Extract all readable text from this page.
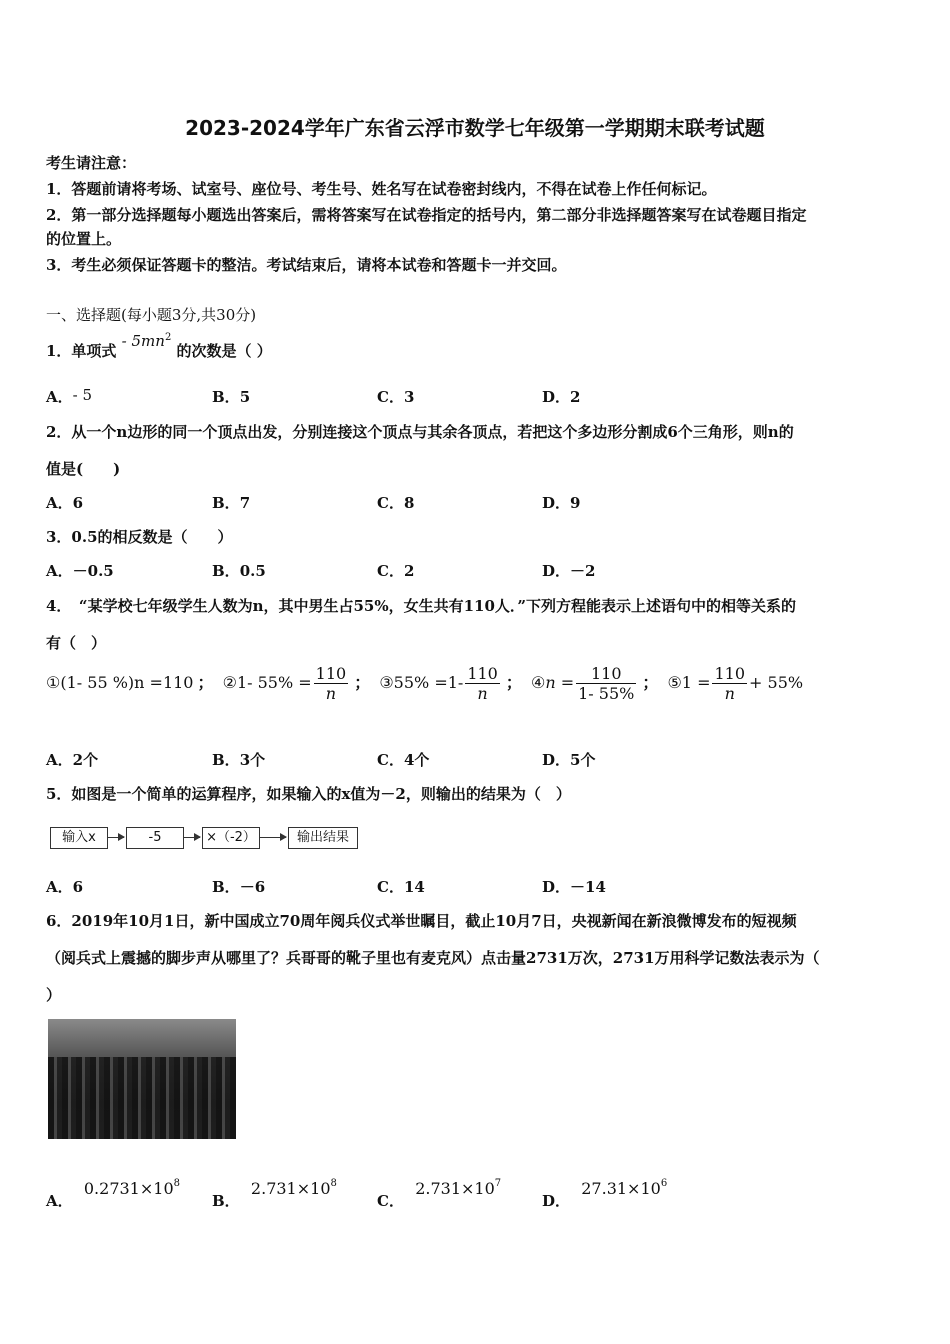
2023-2024学年广东省云浮市数学七年级第一学期期末联考试题
考生请注意：
1．答题前请将考场、试室号、座位号、考生号、姓名写在试卷密封线内，不得在试卷上作任何标记。
2．第一部分选择题每小题选出答案后，需将答案写在试卷指定的括号内，第二部分非选择题答案写在试卷题目指定
的位置上。
3．考生必须保证答题卡的整洁。考试结束后，请将本试卷和答题卡一并交回。
一、选择题(每小题3分,共30分)
1．单项式 - $5mn^2$ 的次数是（ ）
A．- 5	B．5	C．3	D．2
2．从一个n边形的同一个顶点出发，分别连接这个顶点与其余各顶点，若把这个多边形分割成6个三角形，则n的
值是(　　)
A．6	B．7	C．8	D．9
3．0.5的相反数是（　　）
A．－0.5	B．0.5	C．2	D．－2
4．　“某学校七年级学生人数为n，其中男生占55%，女生共有110人．”下列方程能表示上述语句中的相等关系的
有（　）
①(1- 55 %)n =110 ； ②1- $55\% = \frac{110}{n}$ ； ③55% $=1- \frac{110}{n}$ ； ④n = $\frac{110}{1- 55\%}$ ； ⑤1 = $\frac{110}{n} + 55\%$
A．2个	B．3个	C．4个	D．5个
5．如图是一个简单的运算程序，如果输入的x值为－2，则输出的结果为（　）
输入x	-5	×（-2）	输出结果
A．6	B．－6	C．14	D．－14
6．2019年10月1日，新中国成立70周年阅兵仪式举世瞩目，截止10月7日，央视新闻在新浪微博发布的短视频
（阅兵式上震撼的脚步声从哪里了？兵哥哥的靴子里也有麦克风）点击量2731万次，2731万用科学记数法表示为（
）
A． $0.2731\times 10^8$
B． $2.731\times 10^8$
C． $2.731\times 10^7$
D． $27.31\times 10^6$
